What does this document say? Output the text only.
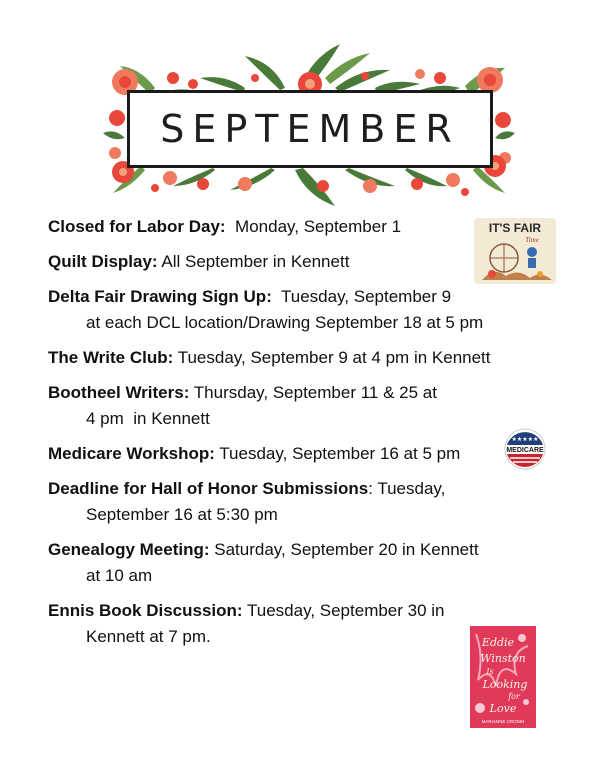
SEPTEMBER
Closed for Labor Day:  Monday, September 1
Quilt Display: All September in Kennett
Delta Fair Drawing Sign Up:  Tuesday, September 9
at each DCL location/Drawing September 18 at 5 pm
The Write Club: Tuesday, September 9 at 4 pm in Kennett
Bootheel Writers: Thursday, September 11 & 25 at
4 pm  in Kennett
Medicare Workshop: Tuesday, September 16 at 5 pm
Deadline for Hall of Honor Submissions: Tuesday,
September 16 at 5:30 pm
Genealogy Meeting: Saturday, September 20 in Kennett
at 10 am
Ennis Book Discussion: Tuesday, September 30 in
Kennett at 7 pm.
IT'S FAIR
Time
★★★★★
MEDICARE
Eddie
Winston
Is
Looking
for
Love
MARIANNE CRONIN
